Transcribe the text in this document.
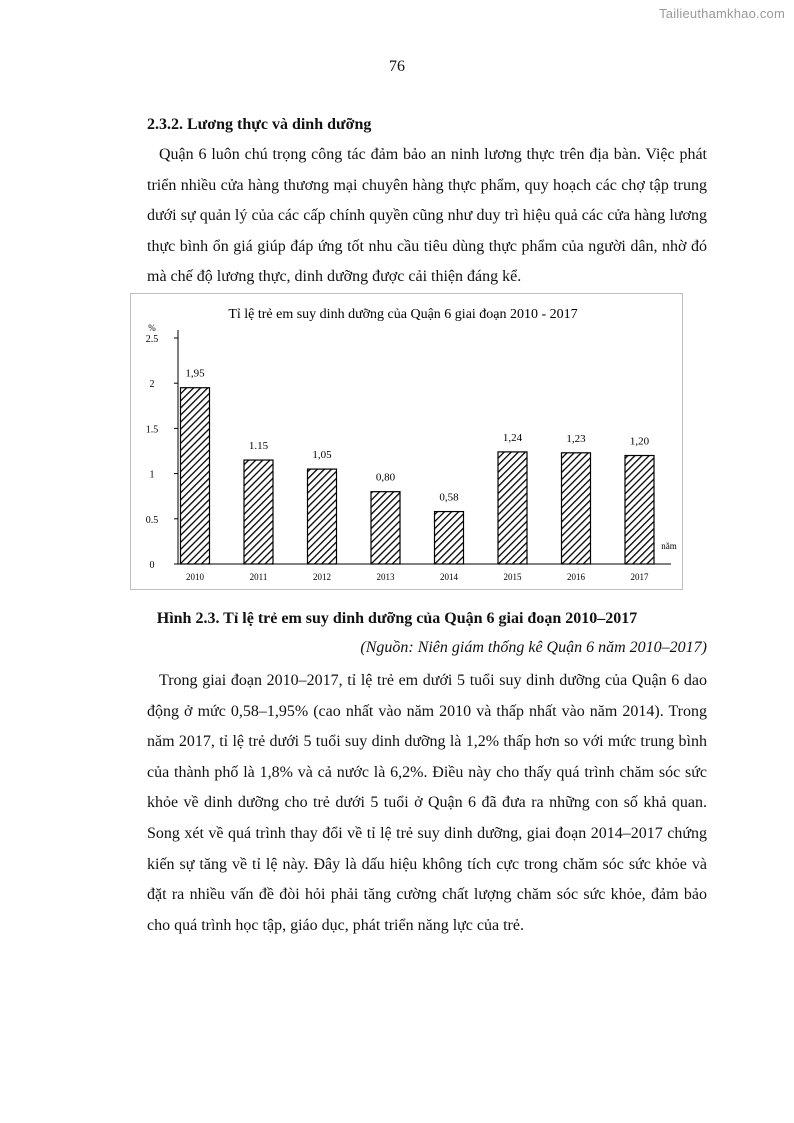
Tailieuthamkhao.com
76
2.3.2. Lương thực và dinh dưỡng

Quận 6 luôn chú trọng công tác đảm bảo an ninh lương thực trên địa bàn. Việc phát triển nhiều cửa hàng thương mại chuyên hàng thực phẩm, quy hoạch các chợ tập trung dưới sự quản lý của các cấp chính quyền cũng như duy trì hiệu quả các cửa hàng lương thực bình ổn giá giúp đáp ứng tốt nhu cầu tiêu dùng thực phẩm của người dân, nhờ đó mà chế độ lương thực, dinh dưỡng được cải thiện đáng kể.

Tỉ lệ trẻ em suy dinh dưỡng của Quận 6 giai đoạn 2010 - 2017
0
0.5
1
1.5
2
2.5
%
năm
1,95
2010
1.15
2011
1,05
2012
0,80
2013
0,58
2014
1,24
2015
1,23
2016
1,20
2017
Hình 2.3. Tỉ lệ trẻ em suy dinh dưỡng của Quận 6 giai đoạn 2010–2017
(Nguồn: Niên giám thống kê Quận 6 năm 2010–2017)

Trong giai đoạn 2010–2017, tỉ lệ trẻ em dưới 5 tuổi suy dinh dưỡng của Quận 6 dao động ở mức 0,58–1,95% (cao nhất vào năm 2010 và thấp nhất vào năm 2014). Trong năm 2017, tỉ lệ trẻ dưới 5 tuổi suy dinh dưỡng là 1,2% thấp hơn so với mức trung bình của thành phố là 1,8% và cả nước là 6,2%. Điều này cho thấy quá trình chăm sóc sức khỏe về dinh dưỡng cho trẻ dưới 5 tuổi ở Quận 6 đã đưa ra những con số khả quan. Song xét về quá trình thay đổi về tỉ lệ trẻ suy dinh dưỡng, giai đoạn 2014–2017 chứng kiến sự tăng về tỉ lệ này. Đây là dấu hiệu không tích cực trong chăm sóc sức khỏe và đặt ra nhiều vấn đề đòi hỏi phải tăng cường chất lượng chăm sóc sức khỏe, đảm bảo cho quá trình học tập, giáo dục, phát triển năng lực của trẻ.
